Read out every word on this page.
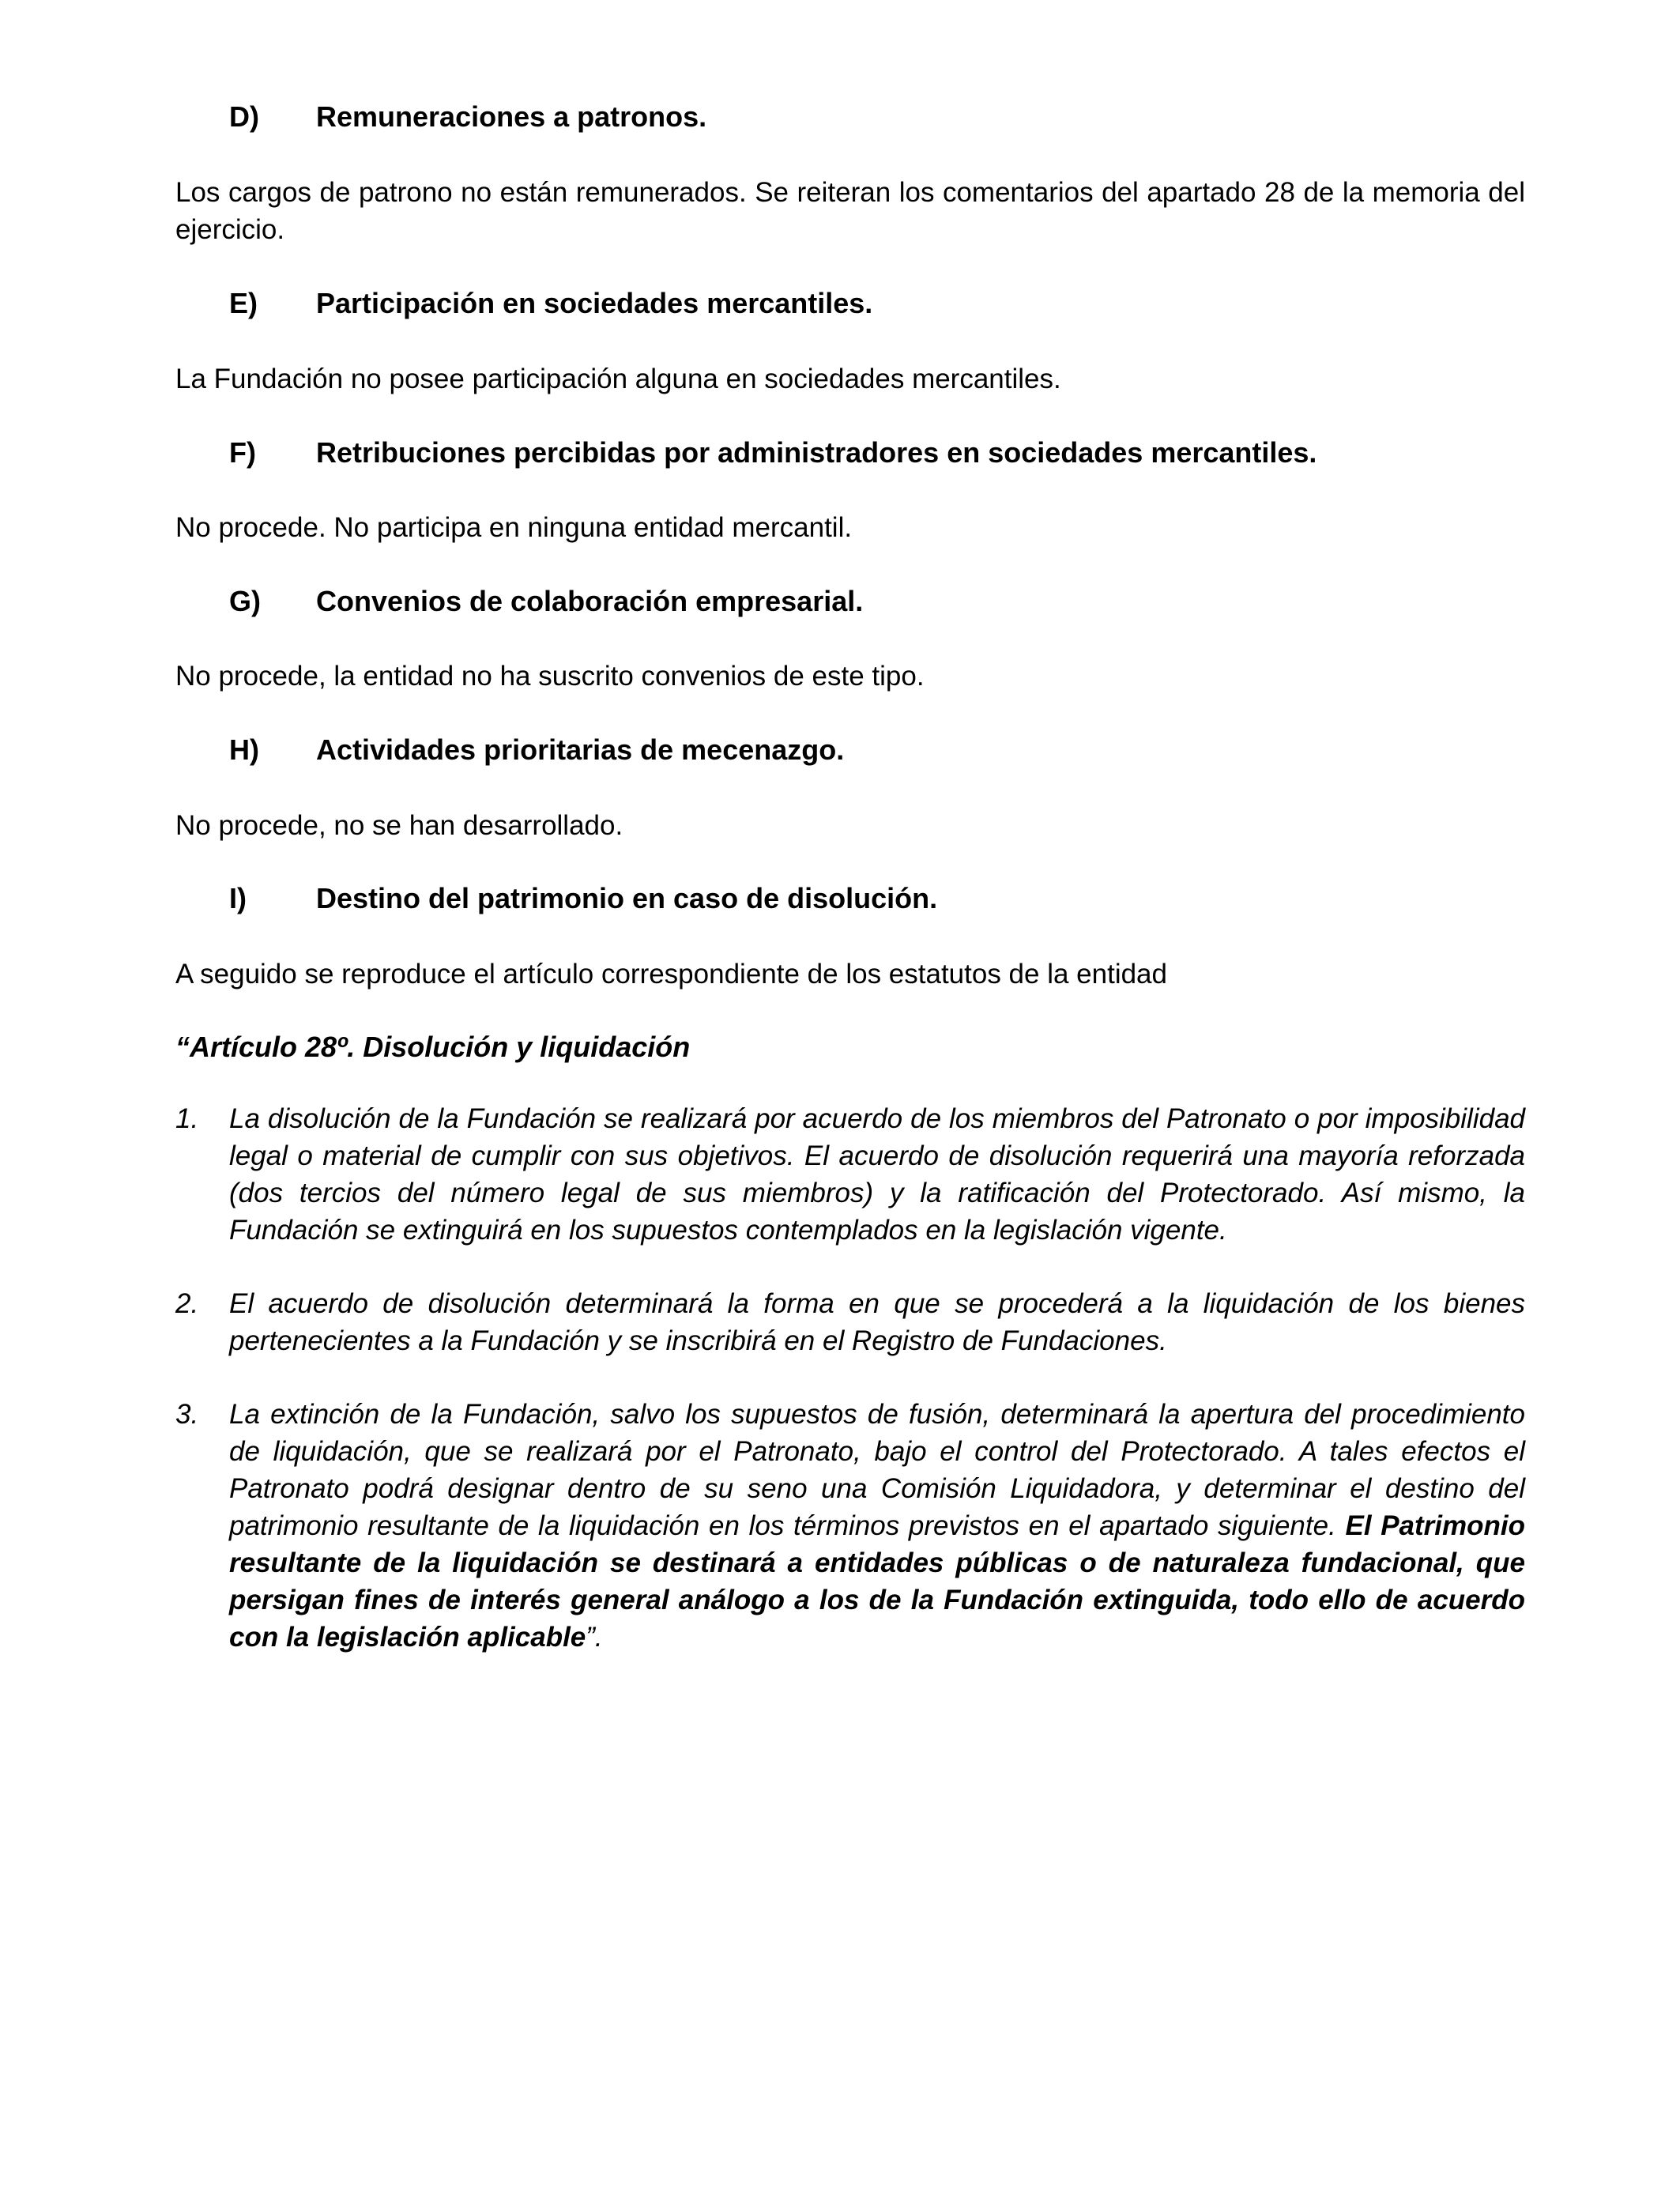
D) Remuneraciones a patronos.
Los cargos de patrono no están remunerados. Se reiteran los comentarios del apartado 28 de la memoria del ejercicio.
E) Participación en sociedades mercantiles.
La Fundación no posee participación alguna en sociedades mercantiles.
F) Retribuciones percibidas por administradores en sociedades mercantiles.
No procede. No participa en ninguna entidad mercantil.
G) Convenios de colaboración empresarial.
No procede, la entidad no ha suscrito convenios de este tipo.
H) Actividades prioritarias de mecenazgo.
No procede, no se han desarrollado.
I) Destino del patrimonio en caso de disolución.
A seguido se reproduce el artículo correspondiente de los estatutos de la entidad
“Artículo 28º. Disolución y liquidación
1. La disolución de la Fundación se realizará por acuerdo de los miembros del Patronato o por imposibilidad legal o material de cumplir con sus objetivos. El acuerdo de disolución requerirá una mayoría reforzada (dos tercios del número legal de sus miembros) y la ratificación del Protectorado. Así mismo, la Fundación se extinguirá en los supuestos contemplados en la legislación vigente.
2. El acuerdo de disolución determinará la forma en que se procederá a la liquidación de los bienes pertenecientes a la Fundación y se inscribirá en el Registro de Fundaciones.
3. La extinción de la Fundación, salvo los supuestos de fusión, determinará la apertura del procedimiento de liquidación, que se realizará por el Patronato, bajo el control del Protectorado. A tales efectos el Patronato podrá designar dentro de su seno una Comisión Liquidadora, y determinar el destino del patrimonio resultante de la liquidación en los términos previstos en el apartado siguiente. El Patrimonio resultante de la liquidación se destinará a entidades públicas o de naturaleza fundacional, que persigan fines de interés general análogo a los de la Fundación extinguida, todo ello de acuerdo con la legislación aplicable”.
